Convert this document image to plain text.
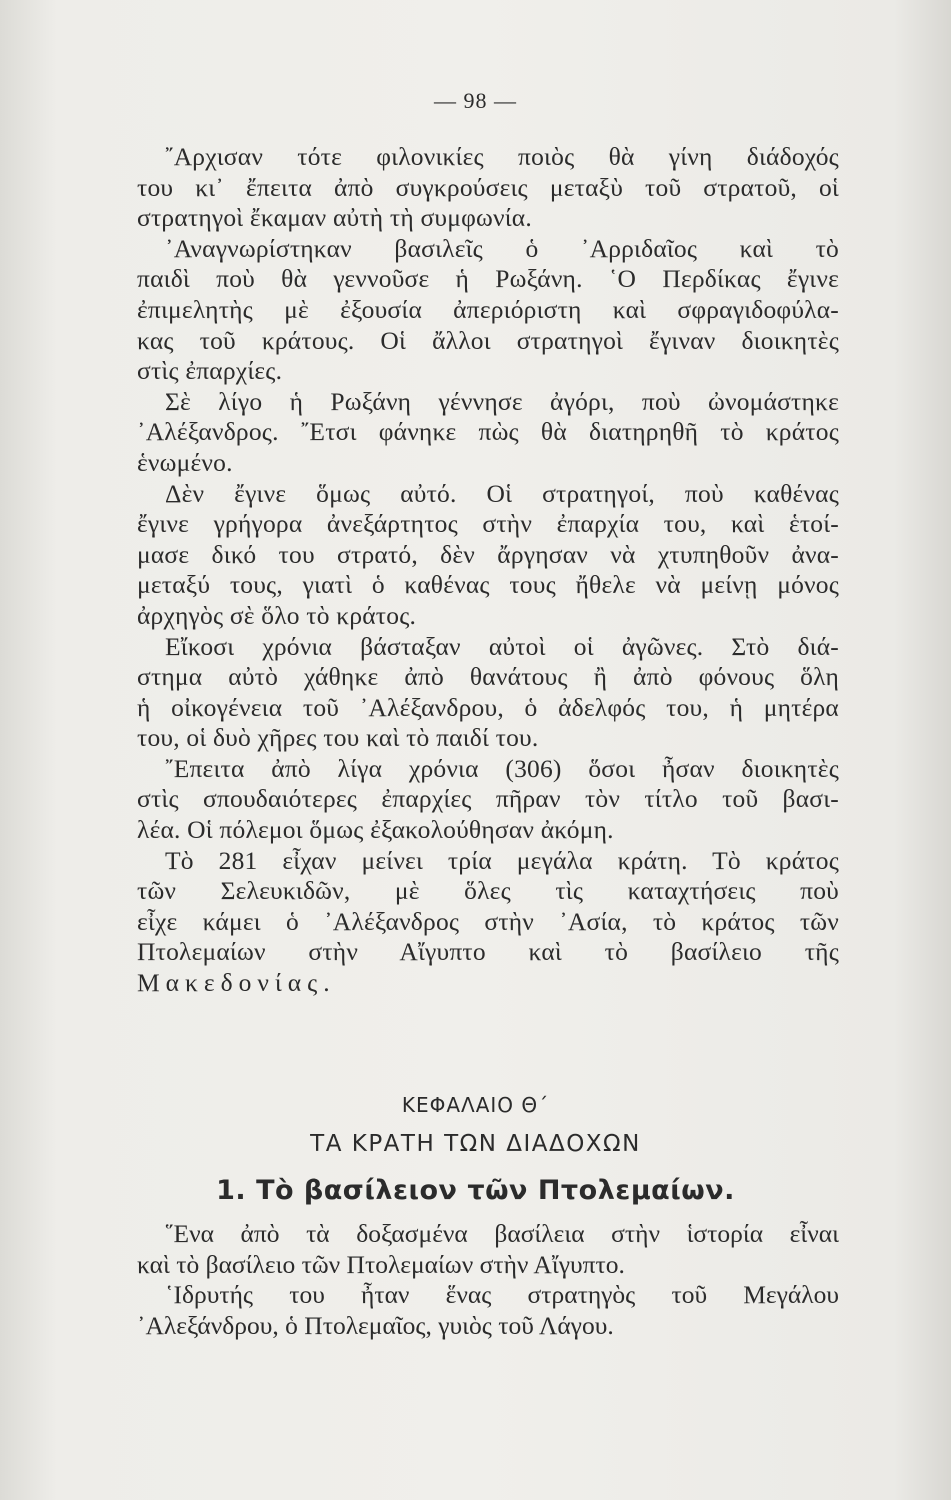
— 98 —
῎Αρχισαν τότε φιλονικίες ποιὸς θὰ γίνη διάδοχός
του κι᾽ ἔπειτα ἀπὸ συγκρούσεις μεταξὺ τοῦ στρατοῦ, οἱ
στρατηγοὶ ἔκαμαν αὐτὴ τὴ συμφωνία.
᾽Αναγνωρίστηκαν βασιλεῖς ὁ ᾽Αρριδαῖος καὶ τὸ
παιδὶ ποὺ θὰ γεννοῦσε ἡ Ρωξάνη. ῾Ο Περδίκας ἔγινε
ἐπιμελητὴς μὲ ἐξουσία ἀπεριόριστη καὶ σφραγιδοφύλα-
κας τοῦ κράτους. Οἱ ἄλλοι στρατηγοὶ ἔγιναν διοικητὲς
στὶς ἐπαρχίες.
Σὲ λίγο ἡ Ρωξάνη γέννησε ἀγόρι, ποὺ ὠνομάστηκε
᾽Αλέξανδρος. ῎Ετσι φάνηκε πὼς θὰ διατηρηθῆ τὸ κράτος
ἑνωμένο.
Δὲν ἔγινε ὅμως αὐτό. Οἱ στρατηγοί, ποὺ καθένας
ἔγινε γρήγορα ἀνεξάρτητος στὴν ἐπαρχία του, καὶ ἑτοί-
μασε δικό του στρατό, δὲν ἄργησαν νὰ χτυπηθοῦν ἀνα-
μεταξύ τους, γιατὶ ὁ καθένας τους ἤθελε νὰ μείνῃ μόνος
ἀρχηγὸς σὲ ὅλο τὸ κράτος.
Εἴκοσι χρόνια βάσταξαν αὐτοὶ οἱ ἀγῶνες. Στὸ διά-
στημα αὐτὸ χάθηκε ἀπὸ θανάτους ἢ ἀπὸ φόνους ὅλη
ἡ οἰκογένεια τοῦ ᾽Αλέξανδρου, ὁ ἀδελφός του, ἡ μητέρα
του, οἱ δυὸ χῆρες του καὶ τὸ παιδί του.
῎Επειτα ἀπὸ λίγα χρόνια (306) ὅσοι ἦσαν διοικητὲς
στὶς σπουδαιότερες ἐπαρχίες πῆραν τὸν τίτλο τοῦ βασι-
λέα. Οἱ πόλεμοι ὅμως ἐξακολούθησαν ἀκόμη.
Τὸ 281 εἶχαν μείνει τρία μεγάλα κράτη. Τὸ κράτος
τῶν Σελευκιδῶν, μὲ ὅλες τὶς καταχτήσεις ποὺ
εἶχε κάμει ὁ ᾽Αλέξανδρος στὴν ᾽Ασία, τὸ κράτος τῶν
Πτολεμαίων στὴν Αἴγυπτο καὶ τὸ βασίλειο τῆς
Μακεδονίας.
ΚΕΦΑΛΑΙΟ Θ΄
ΤΑ ΚΡΑΤΗ ΤΩΝ ΔΙΑΔΟΧΩΝ
1. Τὸ βασίλειον τῶν Πτολεμαίων.
῞Ενα ἀπὸ τὰ δοξασμένα βασίλεια στὴν ἱστορία εἶναι
καὶ τὸ βασίλειο τῶν Πτολεμαίων στὴν Αἴγυπτο.
῾Ιδρυτής του ἦταν ἕνας στρατηγὸς τοῦ Μεγάλου
᾽Αλεξάνδρου, ὁ Πτολεμαῖος, γυιὸς τοῦ Λάγου.
